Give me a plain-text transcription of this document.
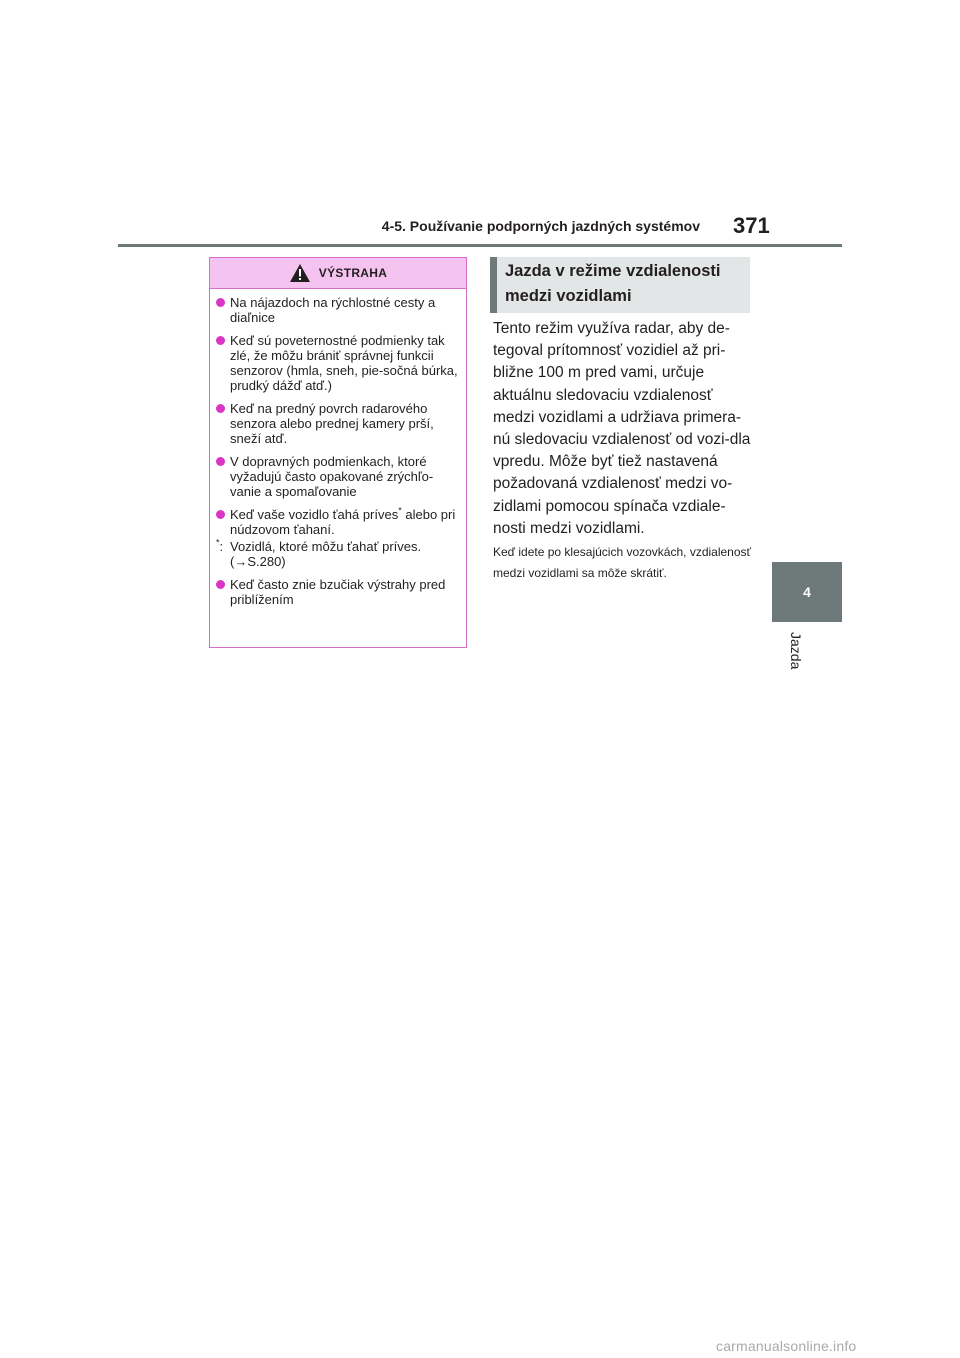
4-5. Používanie podporných jazdných systémov 371
4
Jazda
VÝSTRAHA
Na nájazdoch na rýchlostné cesty a diaľnice
Keď sú poveternostné podmienky tak zlé, že môžu brániť správnej funkcii senzorov (hmla, sneh, pie-sočná búrka, prudký dážď atď.)
Keď na predný povrch radarového senzora alebo prednej kamery prší, sneží atď.
V dopravných podmienkach, ktoré vyžadujú často opakované zrýchľo-vanie a spomaľovanie
Keď vaše vozidlo ťahá príves* alebo pri núdzovom ťahaní.
*: Vozidlá, ktoré môžu ťahať príves. (→S.280)
Keď často znie bzučiak výstrahy pred priblížením
Jazda v režime vzdialenosti medzi vozidlami

Tento režim využíva radar, aby de-tegoval prítomnosť vozidiel až pri-bližne 100 m pred vami, určuje aktuálnu sledovaciu vzdialenosť medzi vozidlami a udržiava primera-nú sledovaciu vzdialenosť od vozi-dla vpredu. Môže byť tiež nastavená požadovaná vzdialenosť medzi vo-zidlami pomocou spínača vzdiale-nosti medzi vozidlami.

Keď idete po klesajúcich vozovkách, vzdialenosť medzi vozidlami sa môže skrátiť.

carmanualsonline.info
